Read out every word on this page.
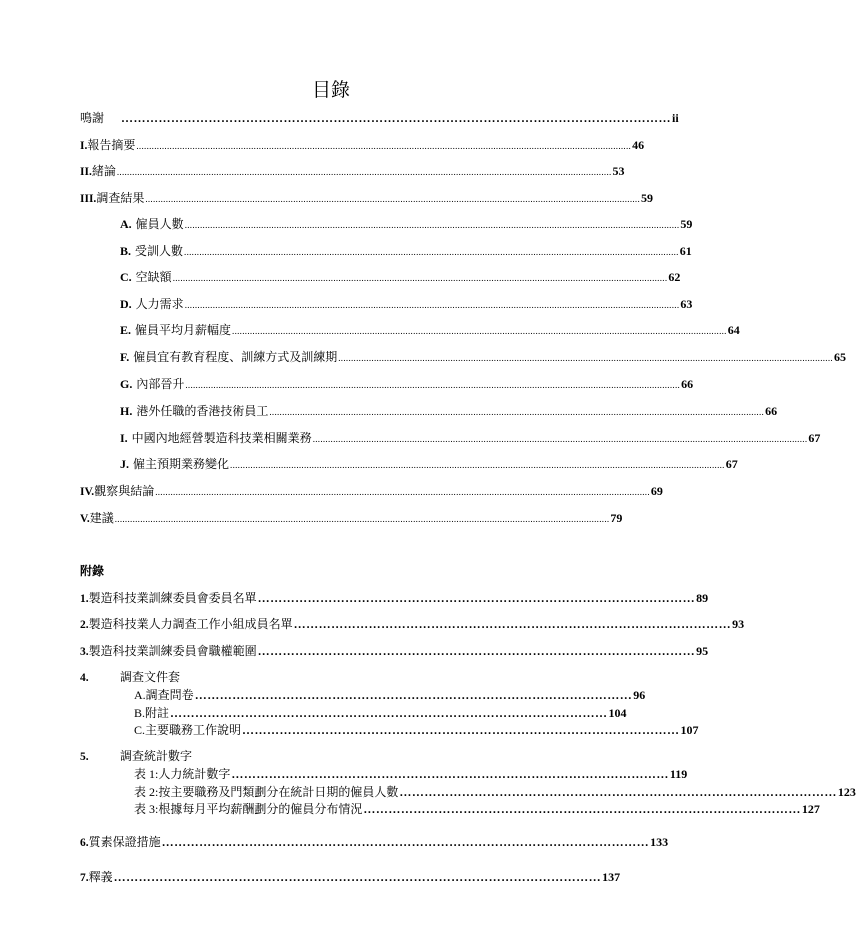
目錄
鳴謝	…………………………………………………………………………………………………………………… ii
I. 報告摘要 .................................................................................................................................................................................................. 46
II. 緒論 .................................................................................................................................................................................................. 53
III. 調查結果 .................................................................................................................................................................................................. 59
A. 僱員人數 .................................................................................................................................................................................................. 59
B. 受訓人數 .................................................................................................................................................................................................. 61
C. 空缺額 .................................................................................................................................................................................................. 62
D. 人力需求 .................................................................................................................................................................................................. 63
E. 僱員平均月薪幅度 .................................................................................................................................................................................................. 64
F. 僱員宜有教育程度、訓練方式及訓練期 .................................................................................................................................................................................................. 65
G. 內部晉升 .................................................................................................................................................................................................. 66
H. 港外任職的香港技術員工 .................................................................................................................................................................................................. 66
I. 中國內地經營製造科技業相關業務 .................................................................................................................................................................................................. 67
J. 僱主預期業務變化 .................................................................................................................................................................................................. 67
IV. 觀察與結論 .................................................................................................................................................................................................. 69
V. 建議 .................................................................................................................................................................................................. 79
附錄
1. 製造科技業訓練委員會委員名單 …………………………………………………………………………………………… 89
2. 製造科技業人力調查工作小組成員名單 …………………………………………………………………………………………… 93
3. 製造科技業訓練委員會職權範圍 …………………………………………………………………………………………… 95
4.	調查文件套
A. 調查問卷 …………………………………………………………………………………………… 96
B. 附註 …………………………………………………………………………………………… 104
C. 主要職務工作說明 …………………………………………………………………………………………… 107
5.	調查統計數字
表 1: 人力統計數字 …………………………………………………………………………………………… 119
表 2: 按主要職務及門類劃分在統計日期的僱員人數 …………………………………………………………………………………………… 123
表 3: 根據每月平均薪酬劃分的僱員分布情況 …………………………………………………………………………………………… 127
6. 質素保證措施 ……………………………………………………………………………………………………… 133
7. 釋義 ……………………………………………………………………………………………………… 137
